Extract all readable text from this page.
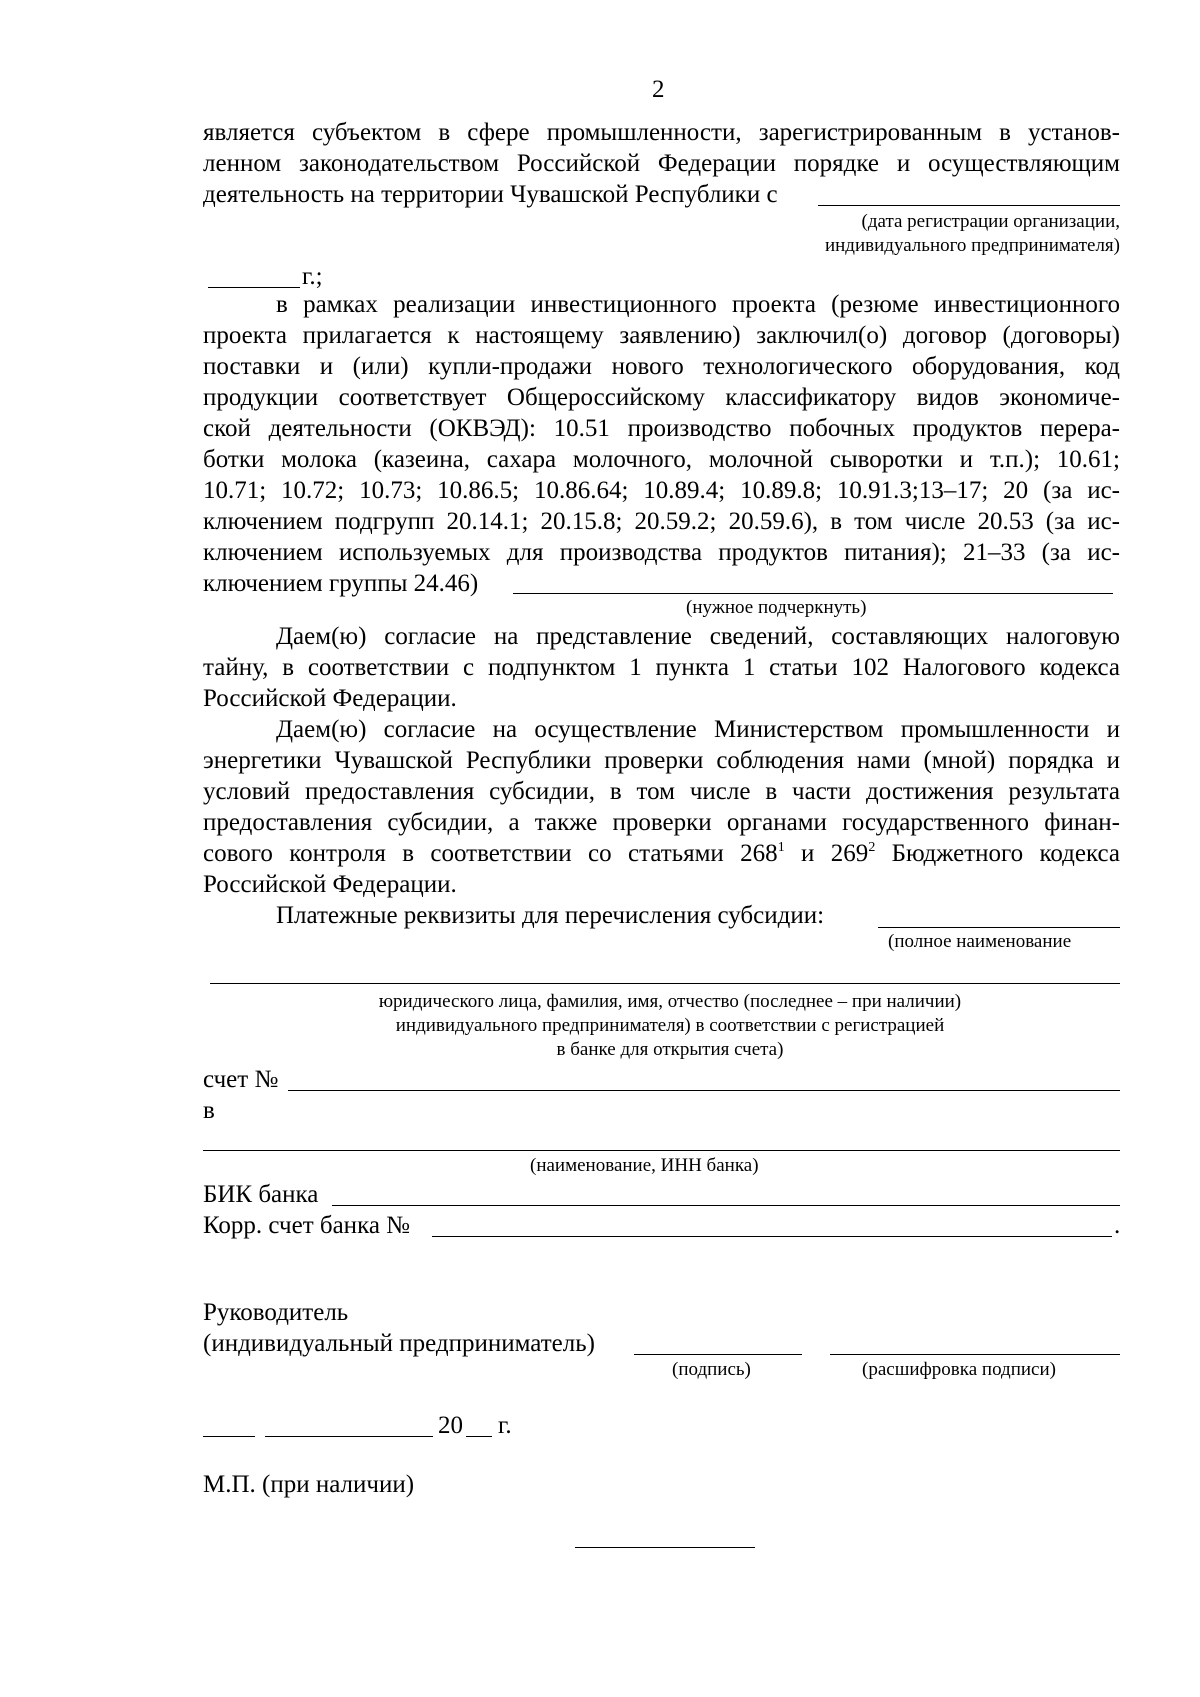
2
является субъектом в сфере промышленности, зарегистрированным в установ-
ленном законодательством Российской Федерации порядке и осуществляющим
деятельность на территории Чувашской Республики с
(дата регистрации организации,
индивидуального предпринимателя)
г.;
в рамках реализации инвестиционного проекта (резюме инвестиционного
проекта прилагается к настоящему заявлению) заключил(о) договор (договоры)
поставки и (или) купли-продажи нового технологического оборудования, код
продукции соответствует Общероссийскому классификатору видов экономиче-
ской деятельности (ОКВЭД): 10.51 производство побочных продуктов перера-
ботки молока (казеина, сахара молочного, молочной сыворотки и т.п.); 10.61;
10.71; 10.72; 10.73; 10.86.5; 10.86.64; 10.89.4; 10.89.8; 10.91.3;13–17; 20 (за ис-
ключением подгрупп 20.14.1; 20.15.8; 20.59.2; 20.59.6), в том числе 20.53 (за ис-
ключением используемых для производства продуктов питания); 21–33 (за ис-
ключением группы 24.46)
(нужное подчеркнуть)
Даем(ю) согласие на представление сведений, составляющих налоговую
тайну, в соответствии с подпунктом 1 пункта 1 статьи 102 Налогового кодекса
Российской Федерации.
Даем(ю) согласие на осуществление Министерством промышленности и
энергетики Чувашской Республики проверки соблюдения нами (мной) порядка и
условий предоставления субсидии, в том числе в части достижения результата
предоставления субсидии, а также проверки органами государственного финан-
сового контроля в соответствии со статьями $268^1$ и $269^2$ Бюджетного кодекса
Российской Федерации.
Платежные реквизиты для перечисления субсидии:
(полное наименование
юридического лица, фамилия, имя, отчество (последнее – при наличии)
индивидуального предпринимателя) в соответствии с регистрацией
в банке для открытия счета)
счет №
в
(наименование, ИНН банка)
БИК банка
Корр. счет банка №	.
Руководитель
(индивидуальный предприниматель)
(подпись)	(расшифровка подписи)
20 г.
М.П. (при наличии)
